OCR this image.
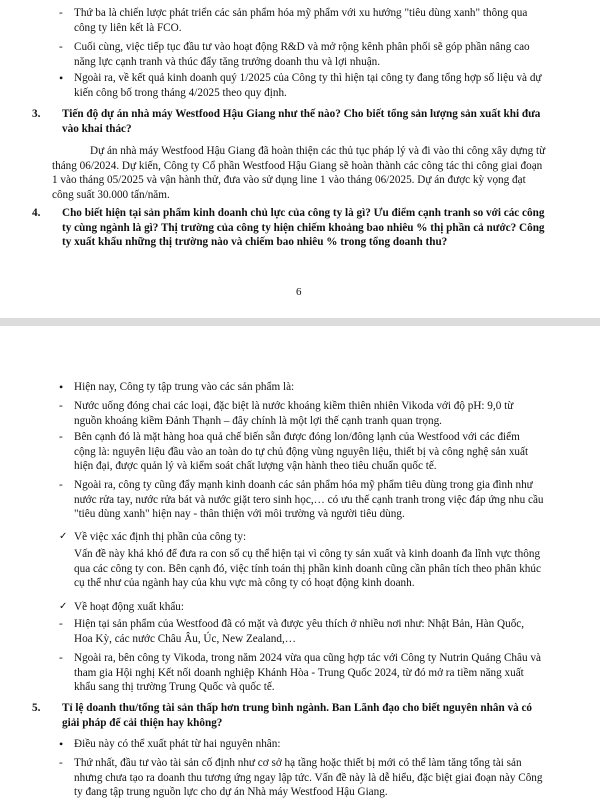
- Thứ ba là chiến lược phát triển các sản phẩm hóa mỹ phẩm với xu hướng "tiêu dùng xanh" thông qua công ty liên kết là FCO.
- Cuối cùng, việc tiếp tục đầu tư vào hoạt động R&D và mở rộng kênh phân phối sẽ góp phần nâng cao năng lực cạnh tranh và thúc đẩy tăng trưởng doanh thu và lợi nhuận.
• Ngoài ra, về kết quả kinh doanh quý 1/2025 của Công ty thì hiện tại công ty đang tổng hợp số liệu và dự kiến công bố trong tháng 4/2025 theo quy định.
3. Tiến độ dự án nhà máy Westfood Hậu Giang như thế nào? Cho biết tổng sản lượng sản xuất khi đưa vào khai thác?
Dự án nhà máy Westfood Hậu Giang đã hoàn thiện các thủ tục pháp lý và đi vào thi công xây dựng từ tháng 06/2024. Dự kiến, Công ty Cổ phần Westfood Hậu Giang sẽ hoàn thành các công tác thi công giai đoạn 1 vào tháng 05/2025 và vận hành thử, đưa vào sử dụng line 1 vào tháng 06/2025. Dự án được kỳ vọng đạt công suất 30.000 tấn/năm.
4. Cho biết hiện tại sản phẩm kinh doanh chủ lực của công ty là gì? Ưu điểm cạnh tranh so với các công ty cùng ngành là gì? Thị trường của công ty hiện chiếm khoảng bao nhiêu % thị phần cả nước? Công ty xuất khẩu những thị trường nào và chiếm bao nhiêu % trong tổng doanh thu?
6
• Hiện nay, Công ty tập trung vào các sản phẩm là:
- Nước uống đóng chai các loại, đặc biệt là nước khoáng kiềm thiên nhiên Vikoda với độ pH: 9,0 từ nguồn khoáng kiềm Đảnh Thạnh – đây chính là một lợi thế cạnh tranh quan trọng.
- Bên cạnh đó là mặt hàng hoa quả chế biến sẵn được đóng lon/đông lạnh của Westfood với các điểm cộng là: nguyên liệu đầu vào an toàn do tự chủ động vùng nguyên liệu, thiết bị và công nghệ sản xuất hiện đại, được quản lý và kiểm soát chất lượng vận hành theo tiêu chuẩn quốc tế.
- Ngoài ra, công ty cũng đẩy mạnh kinh doanh các sản phẩm hóa mỹ phẩm tiêu dùng trong gia đình như nước rửa tay, nước rửa bát và nước giặt tero sinh học,… có ưu thế cạnh tranh trong việc đáp ứng nhu cầu "tiêu dùng xanh" hiện nay - thân thiện với môi trường và người tiêu dùng.
✓ Về việc xác định thị phần của công ty:
Vấn đề này khá khó để đưa ra con số cụ thể hiện tại vì công ty sản xuất và kinh doanh đa lĩnh vực thông qua các công ty con. Bên cạnh đó, việc tính toán thị phần kinh doanh cũng cần phân tích theo phân khúc cụ thể như của ngành hay của khu vực mà công ty có hoạt động kinh doanh.
✓ Về hoạt động xuất khẩu:
- Hiện tại sản phẩm của Westfood đã có mặt và được yêu thích ở nhiều nơi như: Nhật Bản, Hàn Quốc, Hoa Kỳ, các nước Châu Âu, Úc, New Zealand,…
- Ngoài ra, bên công ty Vikoda, trong năm 2024 vừa qua cũng hợp tác với Công ty Nutrin Quảng Châu và tham gia Hội nghị Kết nối doanh nghiệp Khánh Hòa - Trung Quốc 2024, từ đó mở ra tiềm năng xuất khẩu sang thị trường Trung Quốc và quốc tế.
5. Tỉ lệ doanh thu/tổng tài sản thấp hơn trung bình ngành. Ban Lãnh đạo cho biết nguyên nhân và có giải pháp để cải thiện hay không?
• Điều này có thể xuất phát từ hai nguyên nhân:
- Thứ nhất, đầu tư vào tài sản cố định như cơ sở hạ tầng hoặc thiết bị mới có thể làm tăng tổng tài sản nhưng chưa tạo ra doanh thu tương ứng ngay lập tức. Vấn đề này là dễ hiểu, đặc biệt giai đoạn này Công ty đang tập trung nguồn lực cho dự án Nhà máy Westfood Hậu Giang.
